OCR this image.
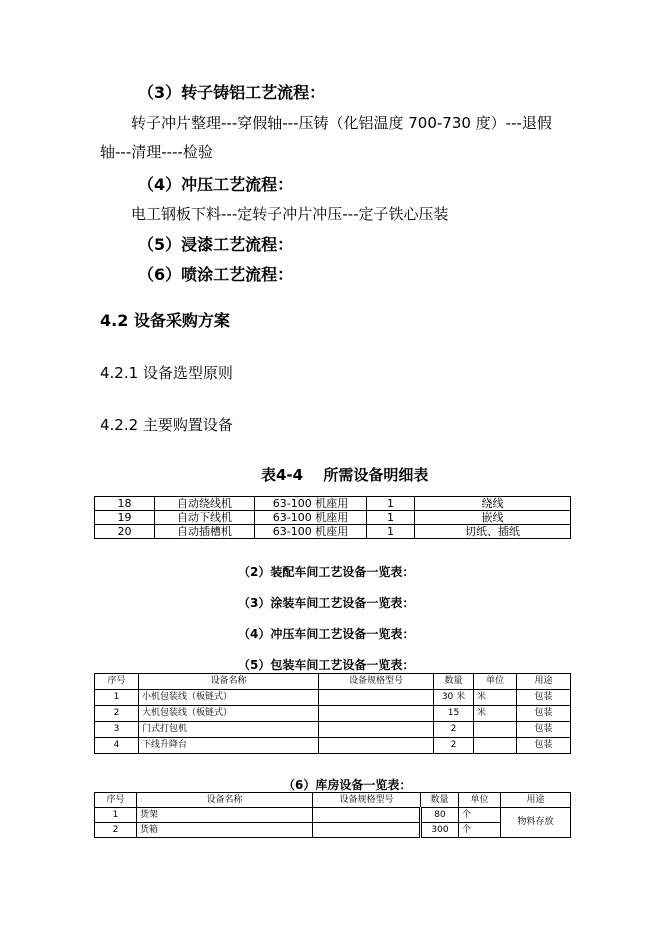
（3）转子铸铝工艺流程：
转子冲片整理---穿假轴---压铸（化铝温度 700-730 度）---退假
轴---清理----检验
（4）冲压工艺流程：
电工钢板下料---定转子冲片冲压---定子铁心压装
（5）浸漆工艺流程：
（6）喷涂工艺流程：
4.2 设备采购方案
4.2.1 设备选型原则
4.2.2 主要购置设备
表4-4　 所需设备明细表
18	自动绕线机	63-100 机座用	1	绕线
19	自动下线机	63-100 机座用	1	嵌线
20	自动插槽机	63-100 机座用	1	切纸、插纸
（2）装配车间工艺设备一览表：
（3）涂装车间工艺设备一览表：
（4）冲压车间工艺设备一览表：
（5）包装车间工艺设备一览表：
序号	设备名称	设备规格型号	数量	单位	用途
1	小机包装线（板链式）		30 米	米	包装
2	大机包装线（板链式）		15	米	包装
3	门式打包机		2		包装
4	下线升降台		2		包装
（6）库房设备一览表：
序号	设备名称	设备规格型号	数量	单位	用途
1	货架		80	个	物料存放
2	货箱		300	个	
